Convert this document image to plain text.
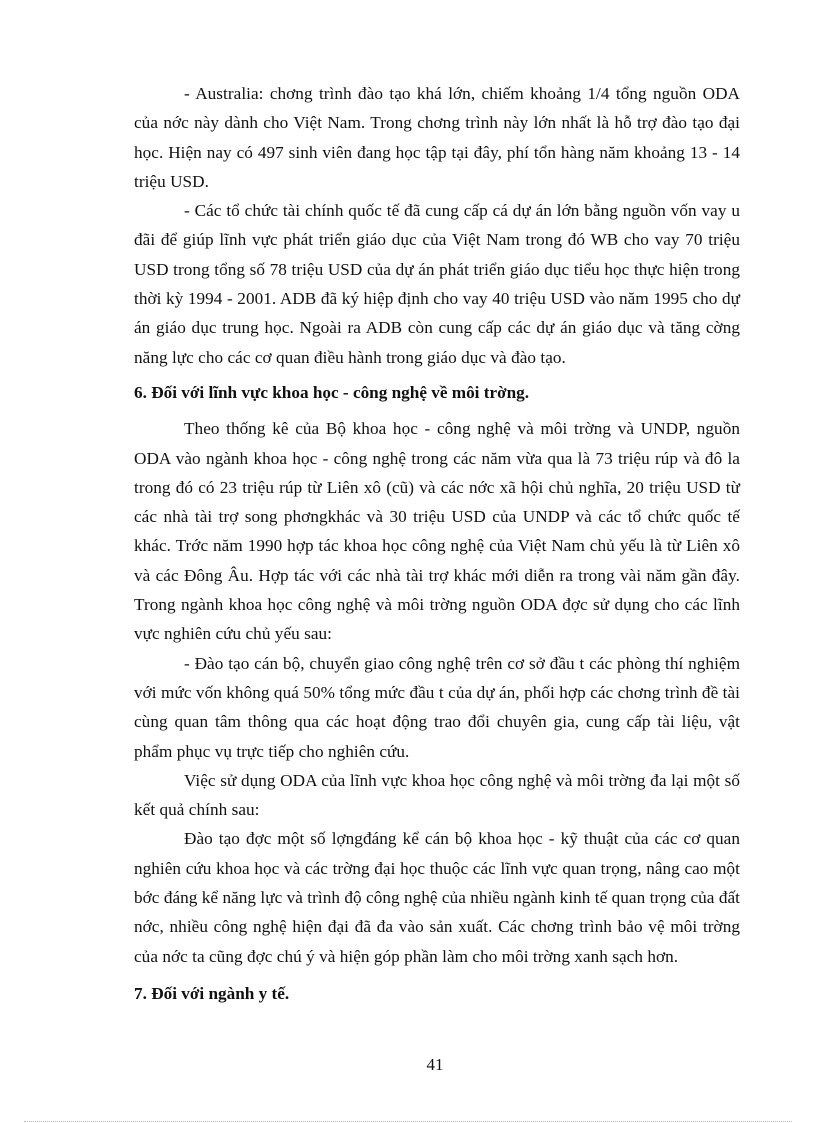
- Australia: chơng trình đào tạo khá lớn, chiếm khoảng 1/4 tổng nguồn ODA của nớc này dành cho Việt Nam. Trong chơng trình này lớn nhất là hỗ trợ đào tạo đại học. Hiện nay có 497 sinh viên đang học tập tại đây, phí tổn hàng năm khoảng 13 - 14 triệu USD.

- Các tổ chức tài chính quốc tế đã cung cấp cá dự án lớn bằng nguồn vốn vay u đãi để giúp lĩnh vực phát triển giáo dục của Việt Nam trong đó WB cho vay 70 triệu USD trong tổng số 78 triệu USD của dự án phát triển giáo dục tiểu học thực hiện trong thời kỳ 1994 - 2001. ADB đã ký hiệp định cho vay 40 triệu USD vào năm 1995 cho dự án giáo dục trung học. Ngoài ra ADB còn cung cấp các dự án giáo dục và tăng cờng năng lực cho các cơ quan điều hành trong giáo dục và đào tạo.

6. Đối với lĩnh vực khoa học - công nghệ về môi trờng.

Theo thống kê của Bộ khoa học - công nghệ và môi trờng và UNDP, nguồn ODA vào ngành khoa học - công nghệ trong các năm vừa qua là 73 triệu rúp và đô la trong đó có 23 triệu rúp từ Liên xô (cũ) và các nớc xã hội chủ nghĩa, 20 triệu USD từ các nhà tài trợ song phơngkhác và 30 triệu USD của UNDP và các tổ chức quốc tế khác. Trớc năm 1990 hợp tác khoa học công nghệ của Việt Nam chủ yếu là từ Liên xô và các Đông Âu. Hợp tác với các nhà tài trợ khác mới diễn ra trong vài năm gần đây. Trong ngành khoa học công nghệ và môi trờng nguồn ODA đợc sử dụng cho các lĩnh vực nghiên cứu chủ yếu sau:

- Đào tạo cán bộ, chuyển giao công nghệ trên cơ sở đầu t các phòng thí nghiệm với mức vốn không quá 50% tổng mức đầu t của dự án, phối hợp các chơng trình đề tài cùng quan tâm thông qua các hoạt động trao đổi chuyên gia, cung cấp tài liệu, vật phẩm phục vụ trực tiếp cho nghiên cứu.

Việc sử dụng ODA của lĩnh vực khoa học công nghệ và môi trờng đa lại một số kết quả chính sau:

Đào tạo đợc một số lợngđáng kể cán bộ khoa học - kỹ thuật của các cơ quan nghiên cứu khoa học và các trờng đại học thuộc các lĩnh vực quan trọng, nâng cao một bớc đáng kể năng lực và trình độ công nghệ của nhiều ngành kinh tế quan trọng của đất nớc, nhiều công nghệ hiện đại đã đa vào sản xuất. Các chơng trình bảo vệ môi trờng của nớc ta cũng đợc chú ý và hiện góp phần làm cho môi trờng xanh sạch hơn.

7. Đối với ngành y tế.
41
